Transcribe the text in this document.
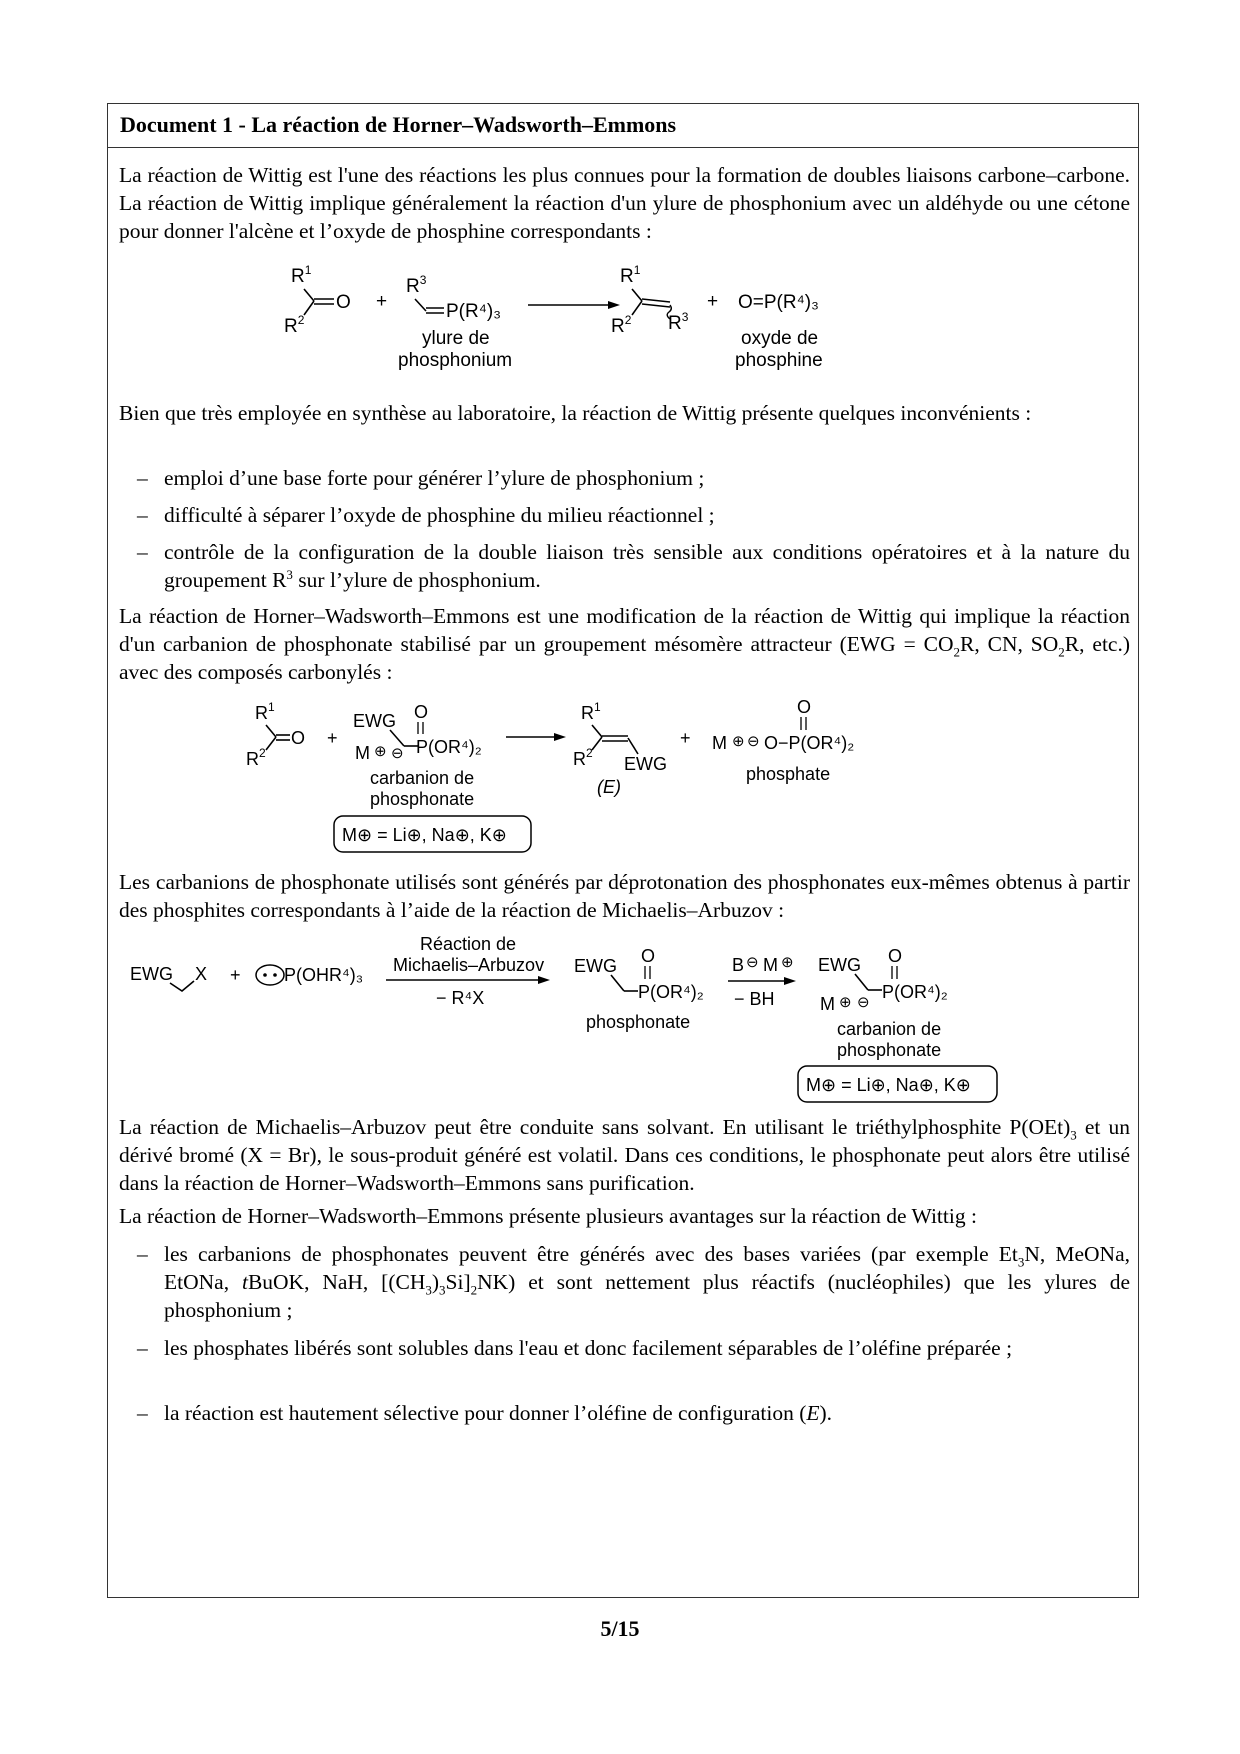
Document 1 - La réaction de Horner–Wadsworth–Emmons
La réaction de Wittig est l'une des réactions les plus connues pour la formation de doubles liaisons carbone–carbone. La réaction de Wittig implique généralement la réaction d'un ylure de phosphonium avec un aldéhyde ou une cétone pour donner l'alcène et l’oxyde de phosphine correspondants :
$R^1$
$R^2$
O +
$R^3$
P(R⁴)₃
ylure de
phosphonium
$R^1$
$R^2$ $R^3$
+ O=P(R⁴)₃
oxyde de
phosphine
Bien que très employée en synthèse au laboratoire, la réaction de Wittig présente quelques inconvénients :
– emploi d’une base forte pour générer l’ylure de phosphonium ;
– difficulté à séparer l’oxyde de phosphine du milieu réactionnel ;
– contrôle de la configuration de la double liaison très sensible aux conditions opératoires et à la nature du groupement $R^3$ sur l’ylure de phosphonium.
La réaction de Horner–Wadsworth–Emmons est une modification de la réaction de Wittig qui implique la réaction d'un carbanion de phosphonate stabilisé par un groupement mésomère attracteur ($EWG = CO_2R$, CN, $SO_2R$, etc.) avec des composés carbonylés :
$R^1$
$R^2$
O +
EWG O
P(OR⁴)₂
M ⊕ ⊖
carbanion de
phosphonate
M⊕ = Li⊕, Na⊕, K⊕
$R^1$
$R^2$
EWG
(E)
+ M ⊕ ⊖ O−P(OR⁴)₂
O
phosphate
Les carbanions de phosphonate utilisés sont générés par déprotonation des phosphonates eux-mêmes obtenus à partir des phosphites correspondants à l’aide de la réaction de Michaelis–Arbuzov :
EWG X + P(OHR⁴)₃
Réaction de
Michaelis–Arbuzov
− R⁴X
EWG O
P(OR⁴)₂
phosphonate
B ⊖ M ⊕
− BH
EWG O
P(OR⁴)₂
M ⊕ ⊖
carbanion de
phosphonate
M⊕ = Li⊕, Na⊕, K⊕
La réaction de Michaelis–Arbuzov peut être conduite sans solvant. En utilisant le triéthylphosphite $P(OEt)_3$ et un dérivé bromé (X = Br), le sous-produit généré est volatil. Dans ces conditions, le phosphonate peut alors être utilisé dans la réaction de Horner–Wadsworth–Emmons sans purification.
La réaction de Horner–Wadsworth–Emmons présente plusieurs avantages sur la réaction de Wittig :
– les carbanions de phosphonates peuvent être générés avec des bases variées (par exemple $Et_3N$, MeONa, EtONa, tBuOK, NaH, $[(CH_3)_3Si]_2NK$) et sont nettement plus réactifs (nucléophiles) que les ylures de phosphonium ;
– les phosphates libérés sont solubles dans l'eau et donc facilement séparables de l’oléfine préparée ;
– la réaction est hautement sélective pour donner l’oléfine de configuration (E).
5/15
